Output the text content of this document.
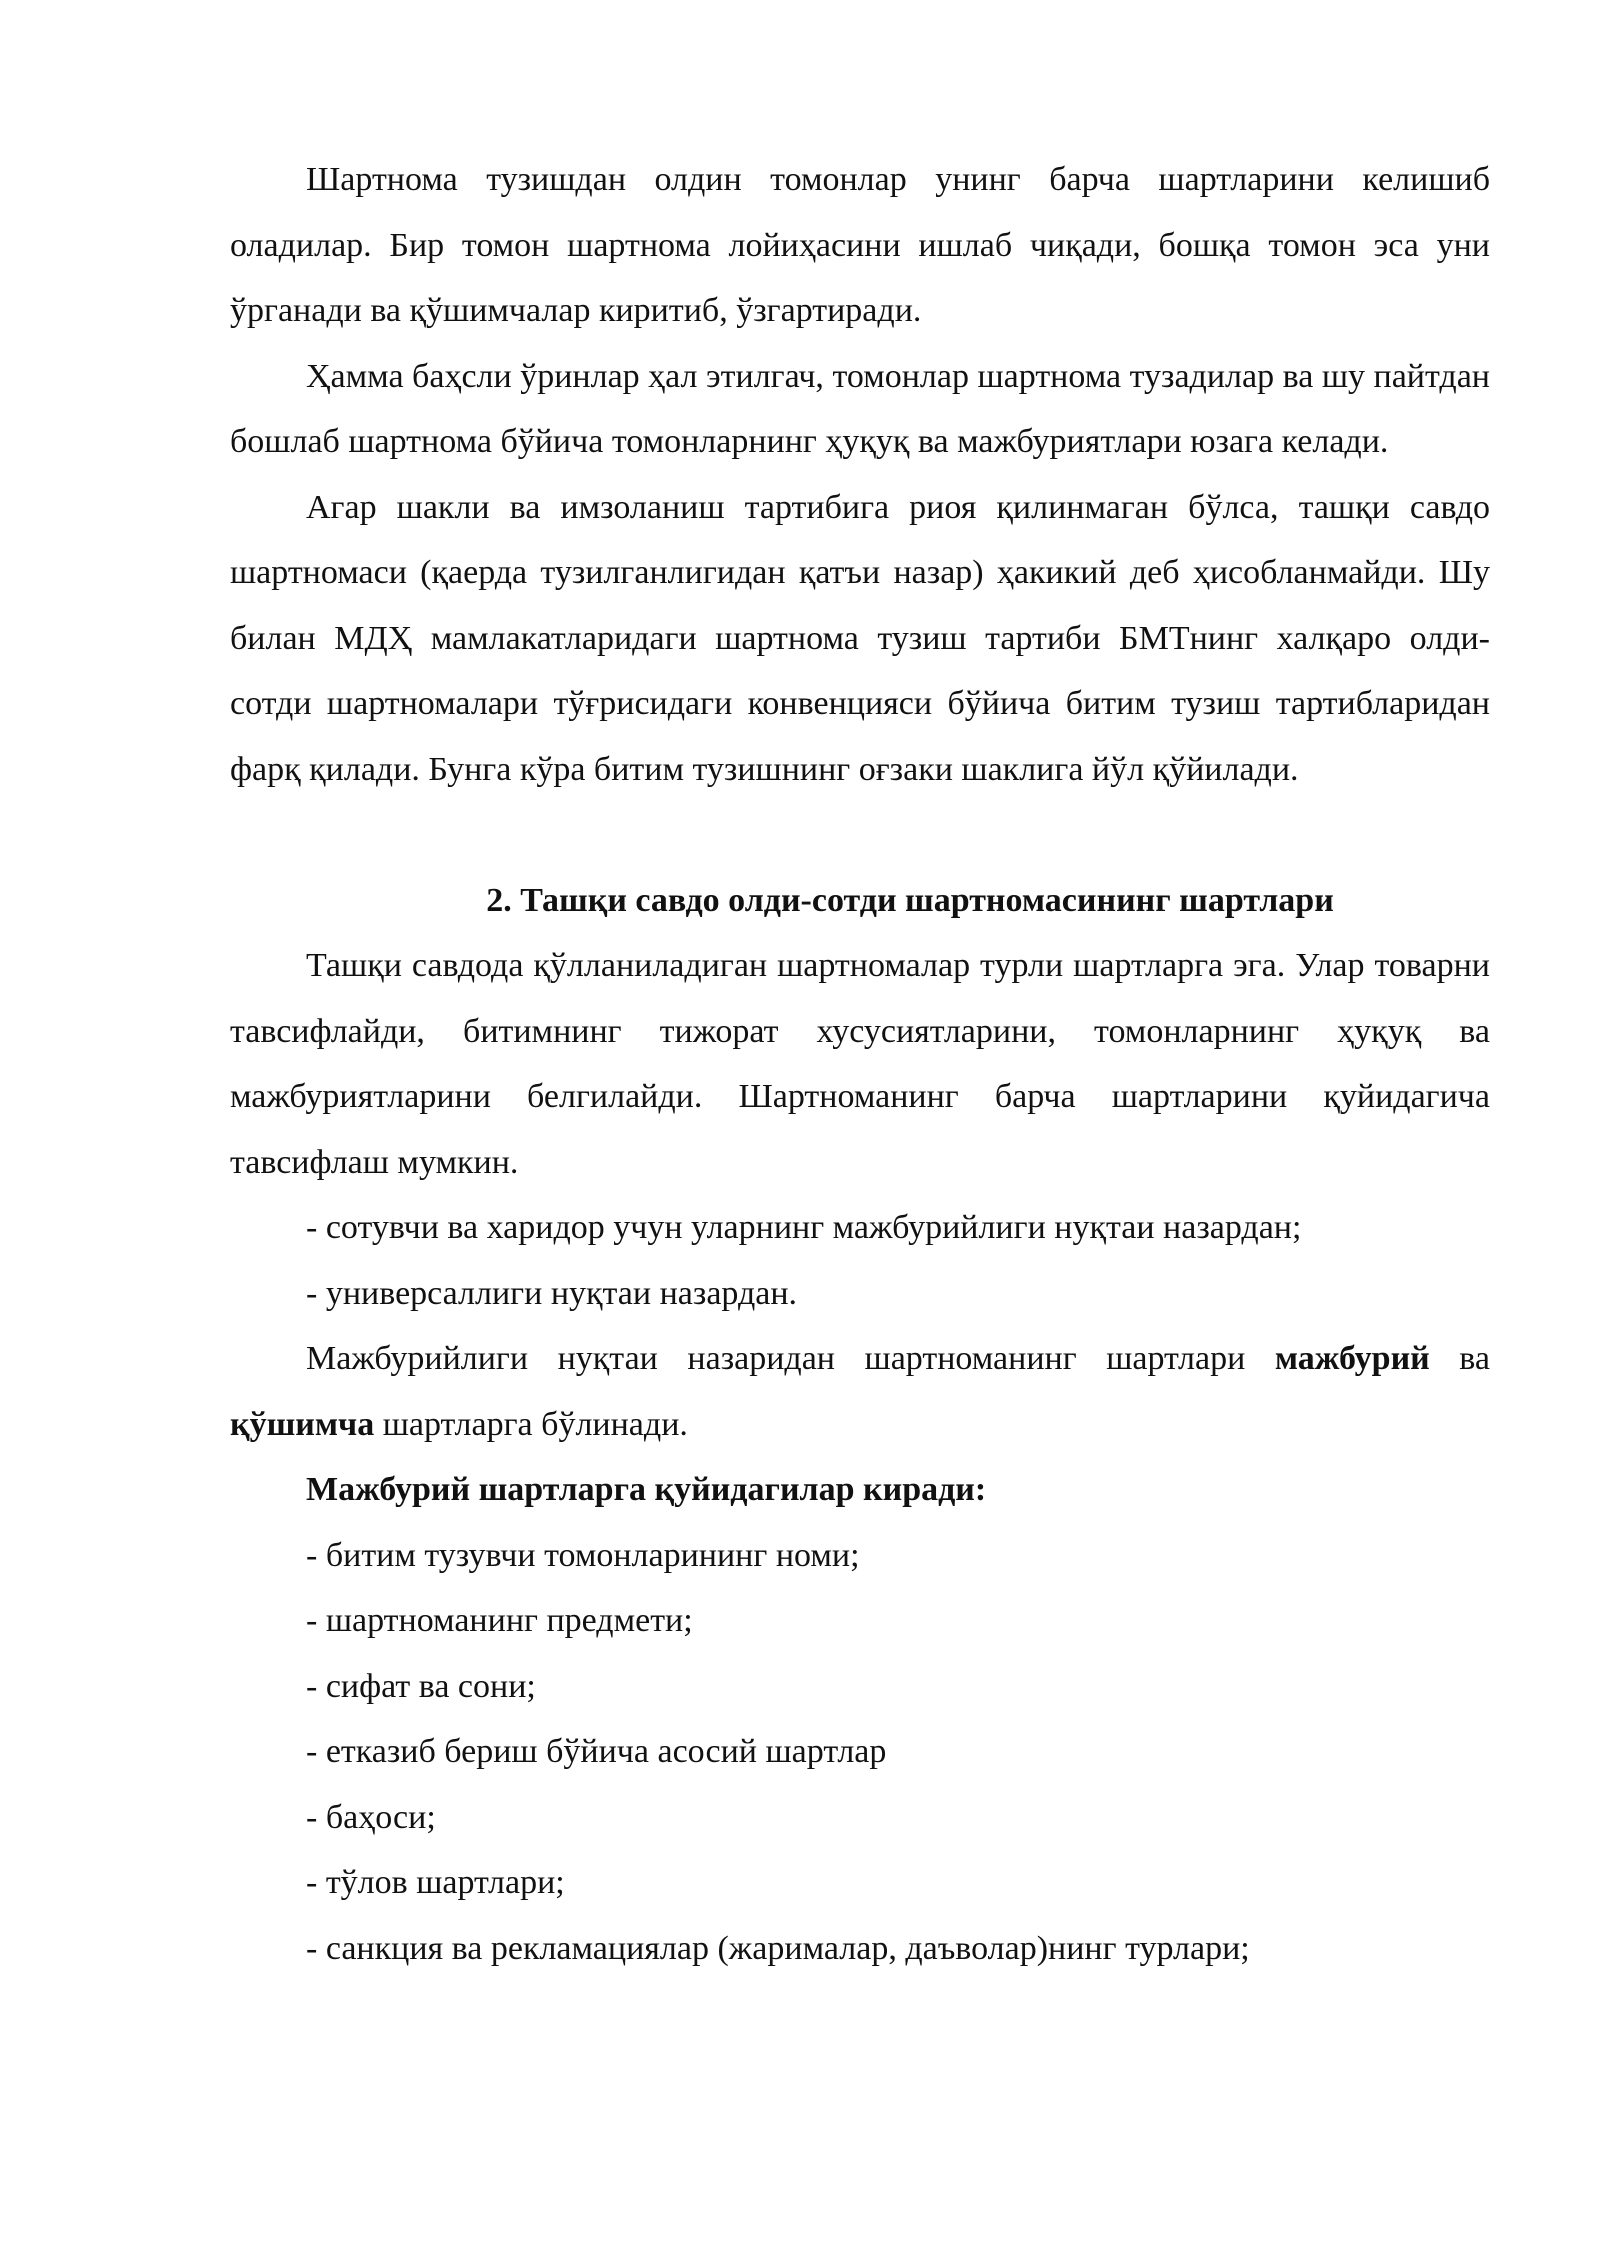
Шартнома тузишдан олдин томонлар унинг барча шартларини келишиб оладилар. Бир томон шартнома лойиҳасини ишлаб чиқади, бошқа томон эса уни ўрганади ва қўшимчалар киритиб, ўзгартиради.

Ҳамма баҳсли ўринлар ҳал этилгач, томонлар шартнома тузадилар ва шу пайтдан бошлаб шартнома бўйича томонларнинг ҳуқуқ ва мажбуриятлари юзага келади.

Агар шакли ва имзоланиш тартибига риоя қилинмаган бўлса, ташқи савдо шартномаси (қаерда тузилганлигидан қатъи назар) ҳакикий деб ҳисобланмайди. Шу билан МДҲ мамлакатларидаги шартнома тузиш тартиби БМТнинг халқаро олди-сотди шартномалари тўғрисидаги конвенцияси бўйича битим тузиш тартибларидан фарқ қилади. Бунга кўра битим тузишнинг оғзаки шаклига йўл қўйилади.

2. Ташқи савдо олди-сотди шартномасининг шартлари

Ташқи савдода қўлланиладиган шартномалар турли шартларга эга. Улар товарни тавсифлайди, битимнинг тижорат хусусиятларини, томонларнинг ҳуқуқ ва мажбуриятларини белгилайди. Шартноманинг барча шартларини қуйидагича тавсифлаш мумкин.

- сотувчи ва харидор учун уларнинг мажбурийлиги нуқтаи назардан;

- универсаллиги нуқтаи назардан.

Мажбурийлиги нуқтаи назаридан шартноманинг шартлари мажбурий ва қўшимча шартларга бўлинади.

Мажбурий шартларга қуйидагилар киради:

- битим тузувчи томонларининг номи;

- шартноманинг предмети;

- сифат ва сони;

- етказиб бериш бўйича асосий шартлар

- баҳоси;

- тўлов шартлари;

- санкция ва рекламациялар (жарималар, даъволар)нинг турлари;
